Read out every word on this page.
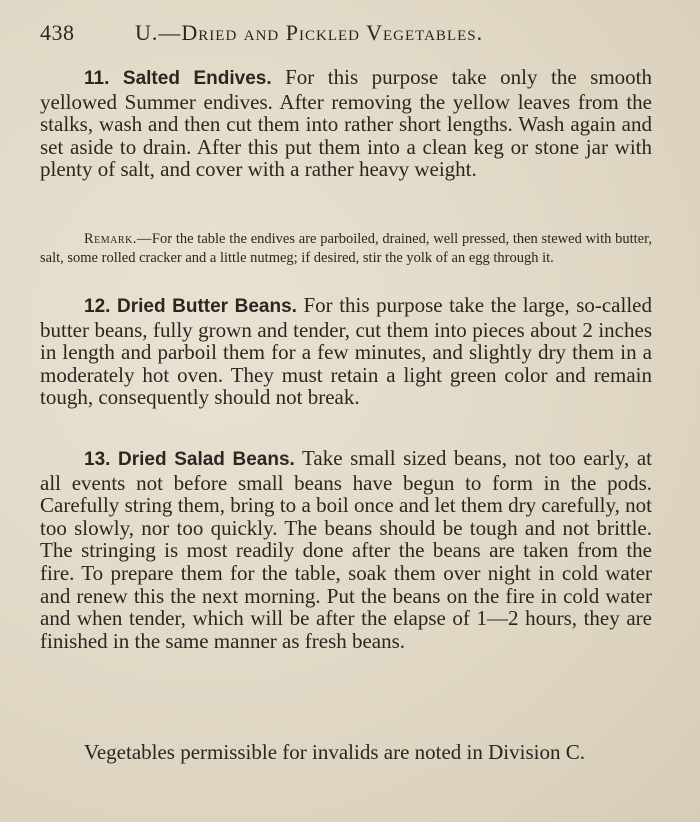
438	U.—Dried and Pickled Vegetables.

11. Salted Endives. For this purpose take only the smooth yellowed Summer endives. After removing the yellow leaves from the stalks, wash and then cut them into rather short lengths. Wash again and set aside to drain. After this put them into a clean keg or stone jar with plenty of salt, and cover with a rather heavy weight.

Remark.—For the table the endives are parboiled, drained, well pressed, then stewed with butter, salt, some rolled cracker and a little nutmeg; if desired, stir the yolk of an egg through it.

12. Dried Butter Beans. For this purpose take the large, so-called butter beans, fully grown and tender, cut them into pieces about 2 inches in length and parboil them for a few minutes, and slightly dry them in a moderately hot oven. They must retain a light green color and remain tough, consequently should not break.

13. Dried Salad Beans. Take small sized beans, not too early, at all events not before small beans have begun to form in the pods. Carefully string them, bring to a boil once and let them dry carefully, not too slowly, nor too quickly. The beans should be tough and not brittle. The stringing is most readily done after the beans are taken from the fire. To prepare them for the table, soak them over night in cold water and renew this the next morning. Put the beans on the fire in cold water and when tender, which will be after the elapse of 1—2 hours, they are finished in the same manner as fresh beans.

Vegetables permissible for invalids are noted in Division C.
